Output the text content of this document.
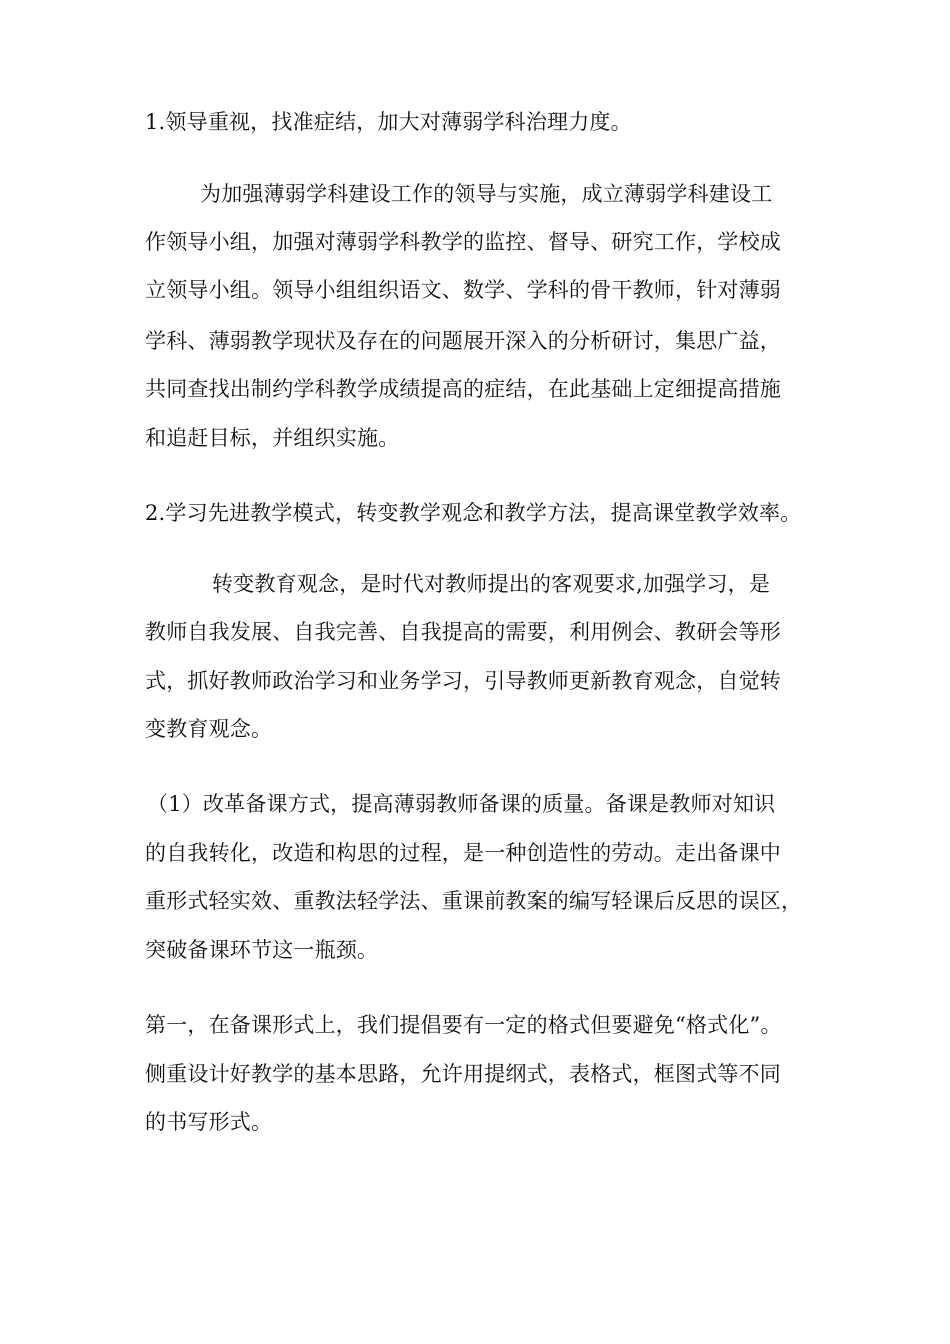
1.领导重视，找准症结，加大对薄弱学科治理力度。

为加强薄弱学科建设工作的领导与实施，成立薄弱学科建设工

作领导小组，加强对薄弱学科教学的监控、督导、研究工作，学校成

立领导小组。领导小组组织语文、数学、学科的骨干教师，针对薄弱

学科、薄弱教学现状及存在的问题展开深入的分析研讨，集思广益，

共同查找出制约学科教学成绩提高的症结，在此基础上定细提高措施

和追赶目标，并组织实施。

2.学习先进教学模式，转变教学观念和教学方法，提高课堂教学效率。

转变教育观念，是时代对教师提出的客观要求,加强学习，是

教师自我发展、自我完善、自我提高的需要，利用例会、教研会等形

式，抓好教师政治学习和业务学习，引导教师更新教育观念，自觉转

变教育观念。

（1）改革备课方式，提高薄弱教师备课的质量。备课是教师对知识

的自我转化，改造和构思的过程，是一种创造性的劳动。走出备课中

重形式轻实效、重教法轻学法、重课前教案的编写轻课后反思的误区，

突破备课环节这一瓶颈。

第一，在备课形式上，我们提倡要有一定的格式但要避免“格式化”。

侧重设计好教学的基本思路，允许用提纲式，表格式，框图式等不同

的书写形式。
